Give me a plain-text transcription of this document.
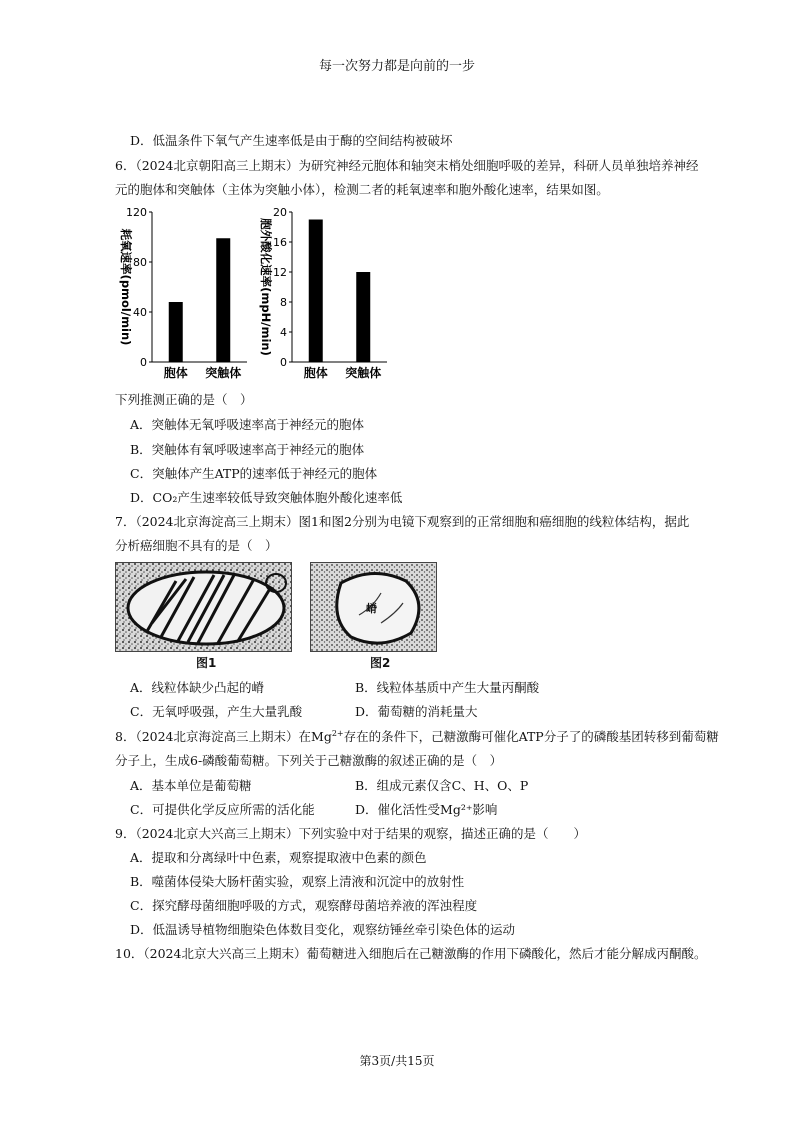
每一次努力都是向前的一步
D．低温条件下氧气产生速率低是由于酶的空间结构被破坏
6．（2024北京朝阳高三上期末）为研究神经元胞体和轴突末梢处细胞呼吸的差异，科研人员单独培养神经
元的胞体和突触体（主体为突触小体），检测二者的耗氧速率和胞外酸化速率，结果如图。
0
40
80
120
胞体 突触体
耗氧速率(pmol/min)
0
4
8
12
16
20
胞体 突触体
胞外酸化速率(mpH/min)
下列推测正确的是（　）
A．突触体无氧呼吸速率高于神经元的胞体
B．突触体有氧呼吸速率高于神经元的胞体
C．突触体产生ATP的速率低于神经元的胞体
D．CO₂产生速率较低导致突触体胞外酸化速率低
7．（2024北京海淀高三上期末）图1和图2分别为电镜下观察到的正常细胞和癌细胞的线粒体结构，据此
分析癌细胞不具有的是（　）
图1
嵴
图2
A．线粒体缺少凸起的嵴	B．线粒体基质中产生大量丙酮酸
C．无氧呼吸强，产生大量乳酸	D．葡萄糖的消耗量大
8．（2024北京海淀高三上期末）在$Mg^{2+}$存在的条件下，己糖激酶可催化ATP分子了的磷酸基团转移到葡萄糖
分子上，生成6-磷酸葡萄糖。下列关于己糖激酶的叙述正确的是（　）
A．基本单位是葡萄糖	B．组成元素仅含C、H、O、P
C．可提供化学反应所需的活化能	D．催化活性受Mg²⁺影响
9．（2024北京大兴高三上期末）下列实验中对于结果的观察，描述正确的是（　　）
A．提取和分离绿叶中色素，观察提取液中色素的颜色
B．噬菌体侵染大肠杆菌实验，观察上清液和沉淀中的放射性
C．探究酵母菌细胞呼吸的方式，观察酵母菌培养液的浑浊程度
D．低温诱导植物细胞染色体数目变化，观察纺锤丝牵引染色体的运动
10．（2024北京大兴高三上期末）葡萄糖进入细胞后在己糖激酶的作用下磷酸化，然后才能分解成丙酮酸。
第3页/共15页
